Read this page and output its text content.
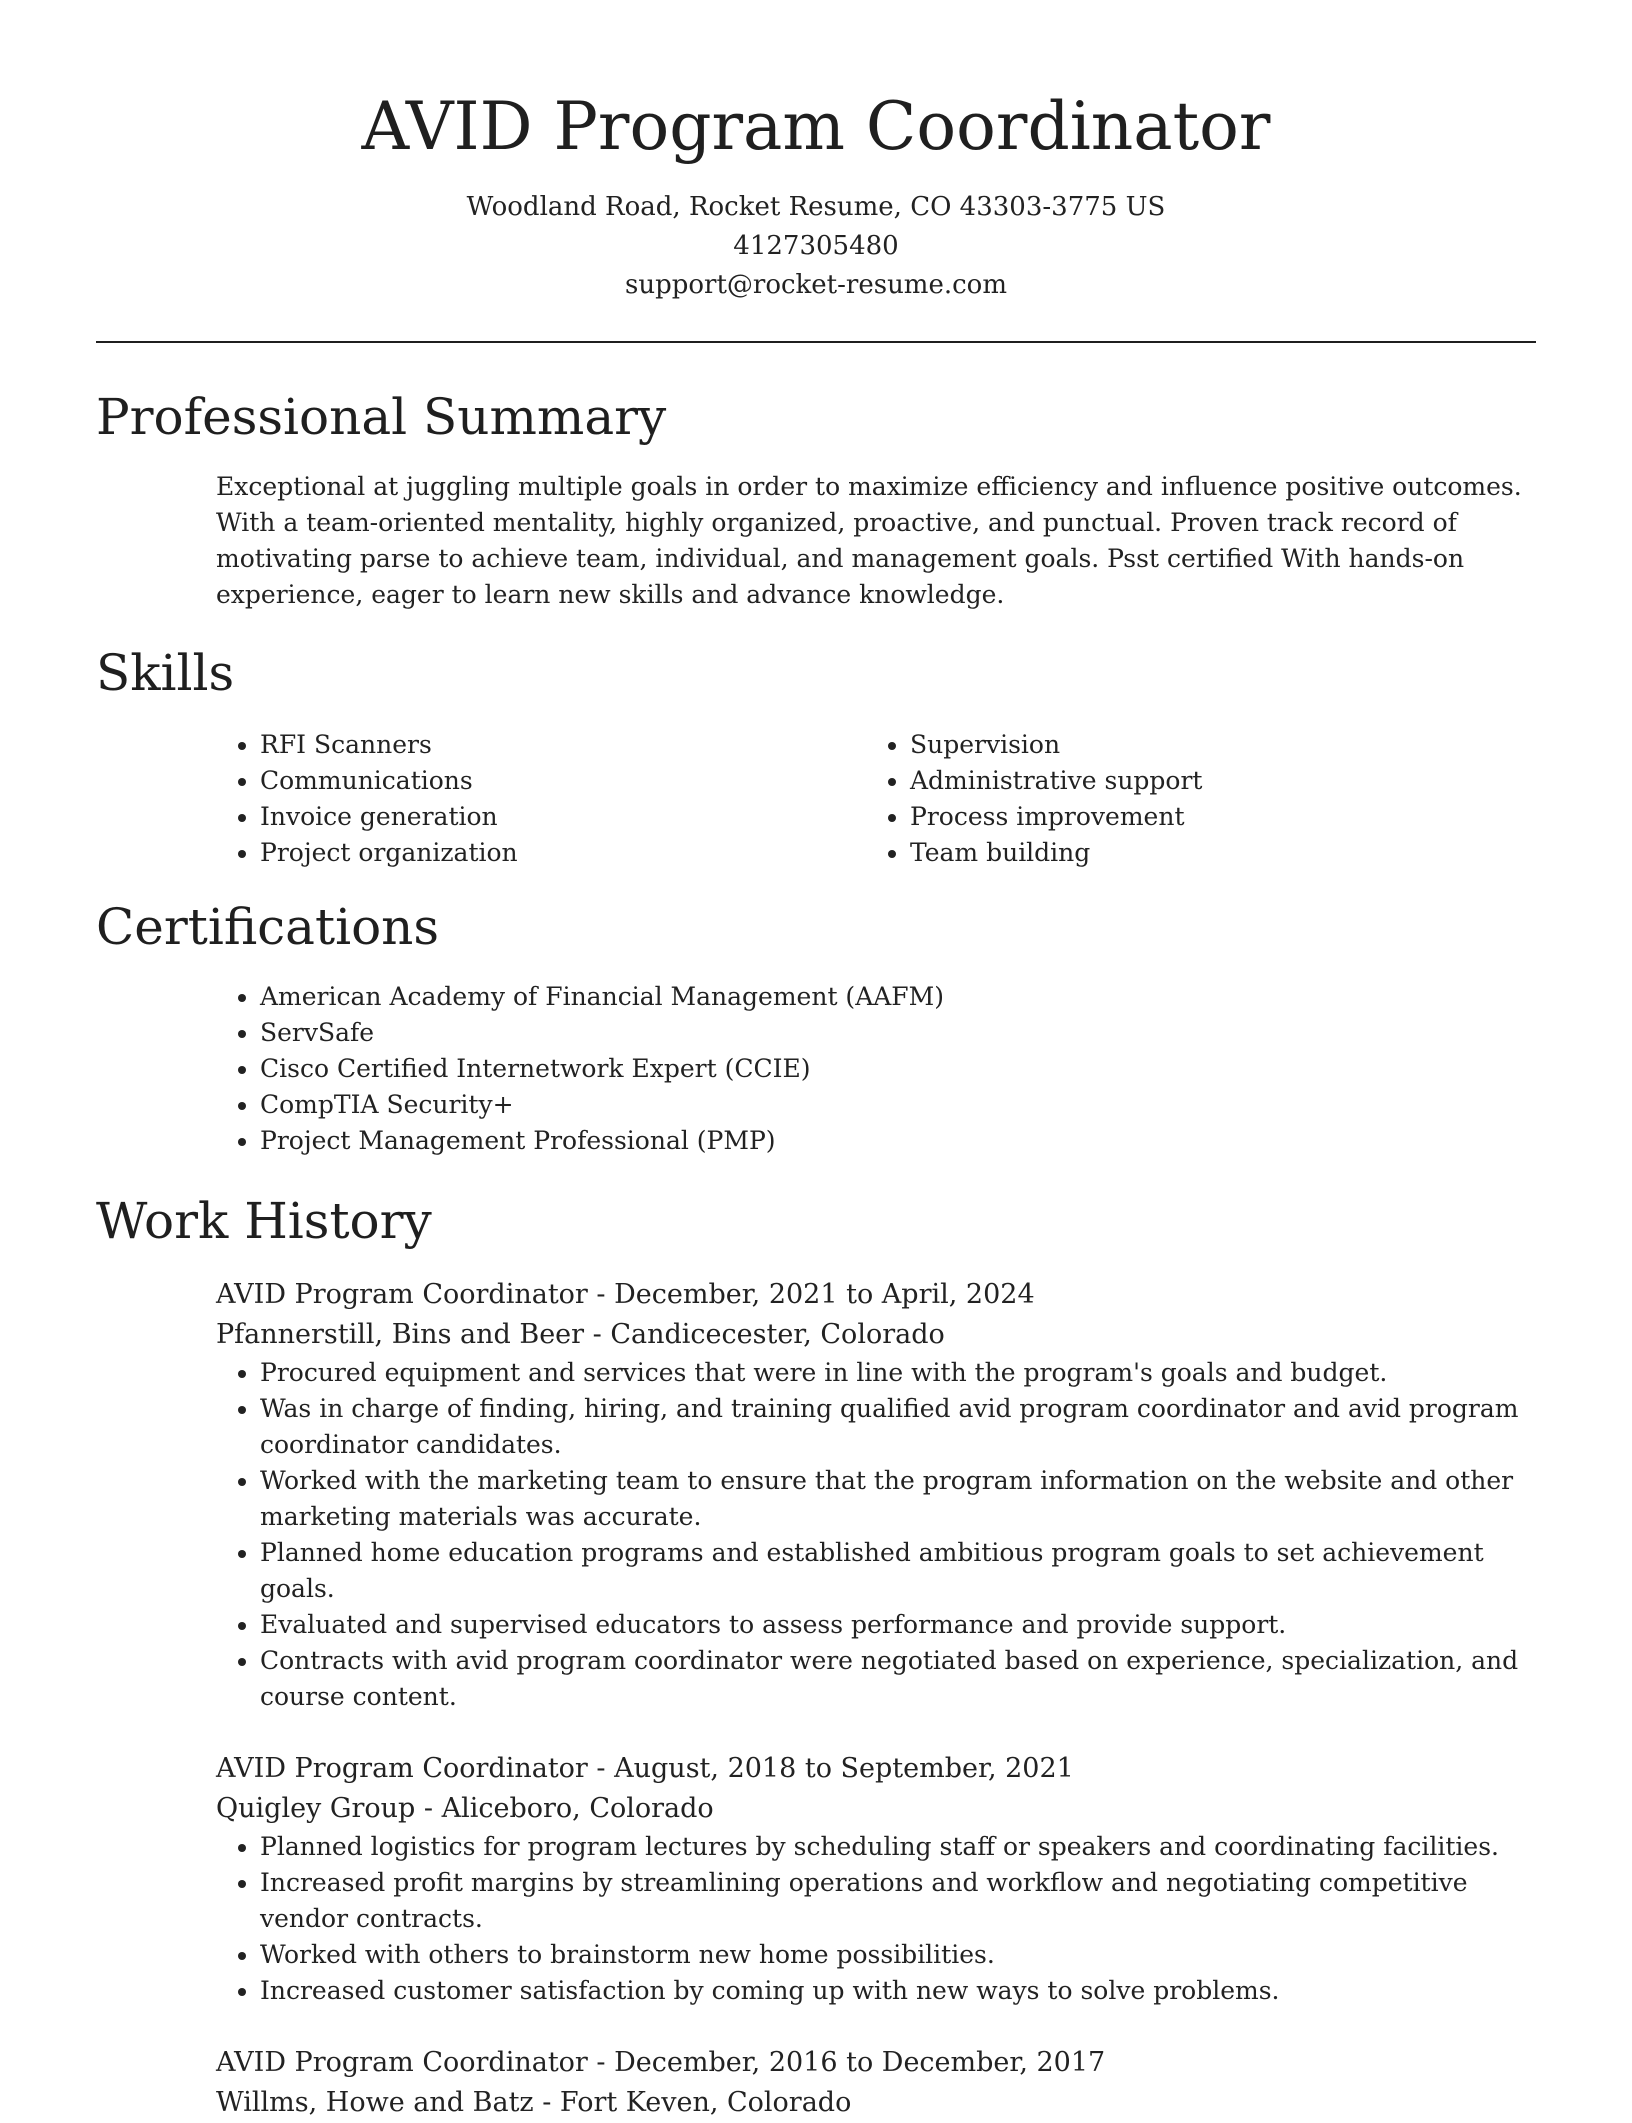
AVID Program Coordinator

Woodland Road, Rocket Resume, CO 43303-3775 US

4127305480

support@rocket-resume.com

Professional Summary

Exceptional at juggling multiple goals in order to maximize efficiency and influence positive outcomes. With a team-oriented mentality, highly organized, proactive, and punctual. Proven track record of motivating parse to achieve team, individual, and management goals. Psst certified With hands-on experience, eager to learn new skills and advance knowledge.

Skills
• RFI Scanners
• Communications
• Invoice generation
• Project organization
• Supervision
• Administrative support
• Process improvement
• Team building
Certifications
• American Academy of Financial Management (AAFM)
• ServSafe
• Cisco Certified Internetwork Expert (CCIE)
• CompTIA Security+
• Project Management Professional (PMP)
Work History

AVID Program Coordinator - December, 2021 to April, 2024

Pfannerstill, Bins and Beer - Candicecester, Colorado

• Procured equipment and services that were in line with the program's goals and budget.
• Was in charge of finding, hiring, and training qualified avid program coordinator and avid program coordinator candidates.
• Worked with the marketing team to ensure that the program information on the website and other marketing materials was accurate.
• Planned home education programs and established ambitious program goals to set achievement goals.
• Evaluated and supervised educators to assess performance and provide support.
• Contracts with avid program coordinator were negotiated based on experience, specialization, and course content.

AVID Program Coordinator - August, 2018 to September, 2021

Quigley Group - Aliceboro, Colorado

• Planned logistics for program lectures by scheduling staff or speakers and coordinating facilities.
• Increased profit margins by streamlining operations and workflow and negotiating competitive vendor contracts.
• Worked with others to brainstorm new home possibilities.
• Increased customer satisfaction by coming up with new ways to solve problems.

AVID Program Coordinator - December, 2016 to December, 2017

Willms, Howe and Batz - Fort Keven, Colorado
